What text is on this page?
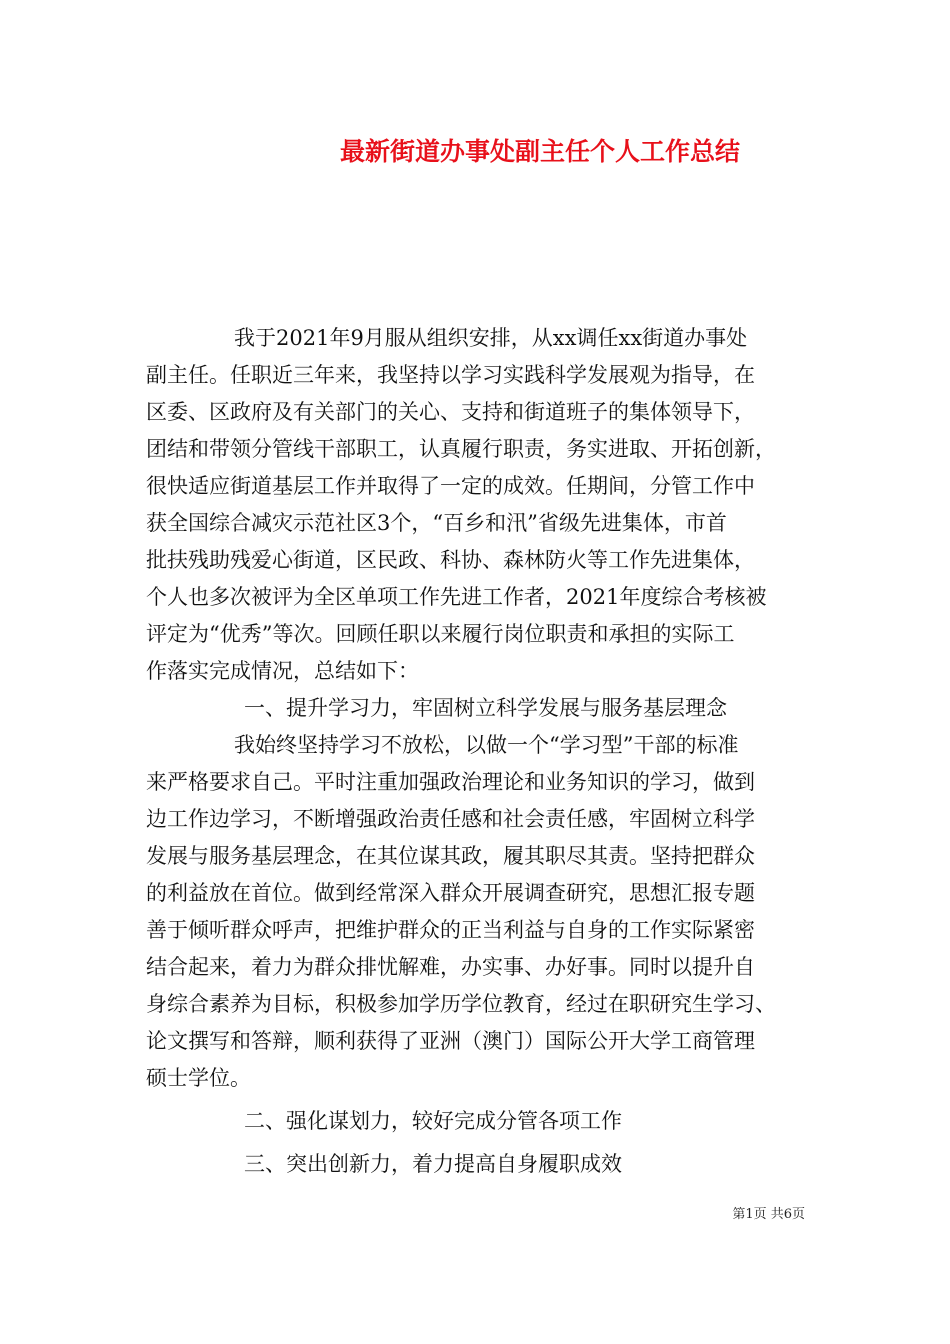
最新街道办事处副主任个人工作总结
我于2021年9月服从组织安排，从xx调任xx街道办事处
副主任。任职近三年来，我坚持以学习实践科学发展观为指导，在
区委、区政府及有关部门的关心、支持和街道班子的集体领导下，
团结和带领分管线干部职工，认真履行职责，务实进取、开拓创新，
很快适应街道基层工作并取得了一定的成效。任期间，分管工作中
获全国综合减灾示范社区3个，“百乡和汛”省级先进集体，市首
批扶残助残爱心街道，区民政、科协、森林防火等工作先进集体，
个人也多次被评为全区单项工作先进工作者，2021年度综合考核被
评定为“优秀”等次。回顾任职以来履行岗位职责和承担的实际工
作落实完成情况，总结如下：
一、提升学习力，牢固树立科学发展与服务基层理念
我始终坚持学习不放松，以做一个“学习型”干部的标准
来严格要求自己。平时注重加强政治理论和业务知识的学习，做到
边工作边学习，不断增强政治责任感和社会责任感，牢固树立科学
发展与服务基层理念，在其位谋其政，履其职尽其责。坚持把群众
的利益放在首位。做到经常深入群众开展调查研究，思想汇报专题
善于倾听群众呼声，把维护群众的正当利益与自身的工作实际紧密
结合起来，着力为群众排忧解难，办实事、办好事。同时以提升自
身综合素养为目标，积极参加学历学位教育，经过在职研究生学习、
论文撰写和答辩，顺利获得了亚洲（澳门）国际公开大学工商管理
硕士学位。
二、强化谋划力，较好完成分管各项工作
三、突出创新力，着力提高自身履职成效
第1页 共6页
